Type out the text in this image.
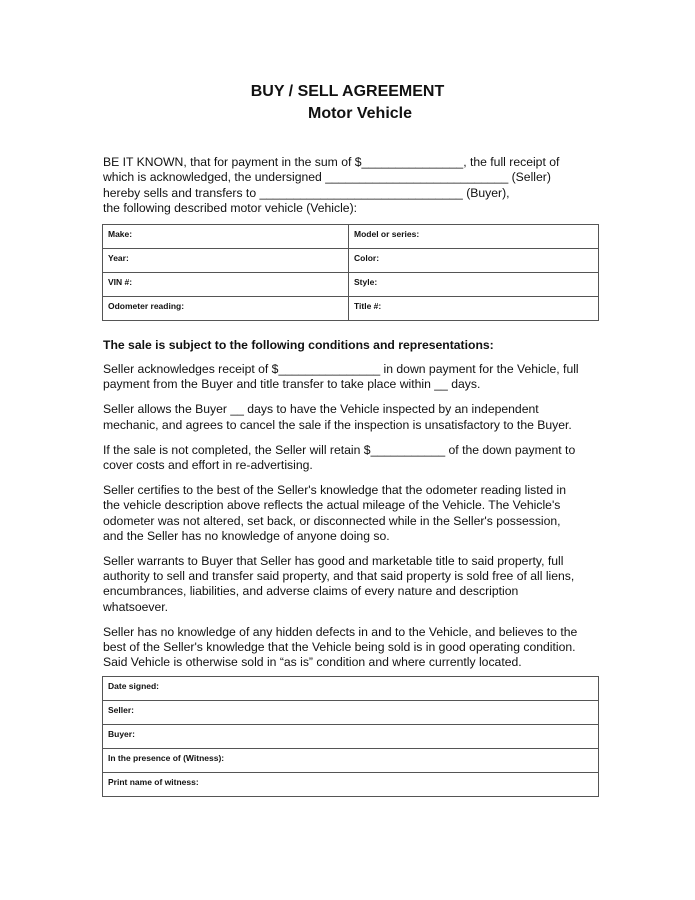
BUY / SELL AGREEMENT
Motor Vehicle
BE IT KNOWN, that for payment in the sum of $_______________, the full receipt of
which is acknowledged, the undersigned ___________________________ (Seller)
hereby sells and transfers to ______________________________ (Buyer),
the following described motor vehicle (Vehicle):
Make:	Model or series:
Year:	Color:
VIN #:	Style:
Odometer reading:	Title #:
The sale is subject to the following conditions and representations:
Seller acknowledges receipt of $_______________ in down payment for the Vehicle, full
payment from the Buyer and title transfer to take place within __ days.
Seller allows the Buyer __ days to have the Vehicle inspected by an independent
mechanic, and agrees to cancel the sale if the inspection is unsatisfactory to the Buyer.
If the sale is not completed, the Seller will retain $___________ of the down payment to
cover costs and effort in re-advertising.
Seller certifies to the best of the Seller's knowledge that the odometer reading listed in
the vehicle description above reflects the actual mileage of the Vehicle. The Vehicle's
odometer was not altered, set back, or disconnected while in the Seller's possession,
and the Seller has no knowledge of anyone doing so.
Seller warrants to Buyer that Seller has good and marketable title to said property, full
authority to sell and transfer said property, and that said property is sold free of all liens,
encumbrances, liabilities, and adverse claims of every nature and description
whatsoever.
Seller has no knowledge of any hidden defects in and to the Vehicle, and believes to the
best of the Seller's knowledge that the Vehicle being sold is in good operating condition.
Said Vehicle is otherwise sold in “as is” condition and where currently located.
Date signed:
Seller:
Buyer:
In the presence of (Witness):
Print name of witness:
